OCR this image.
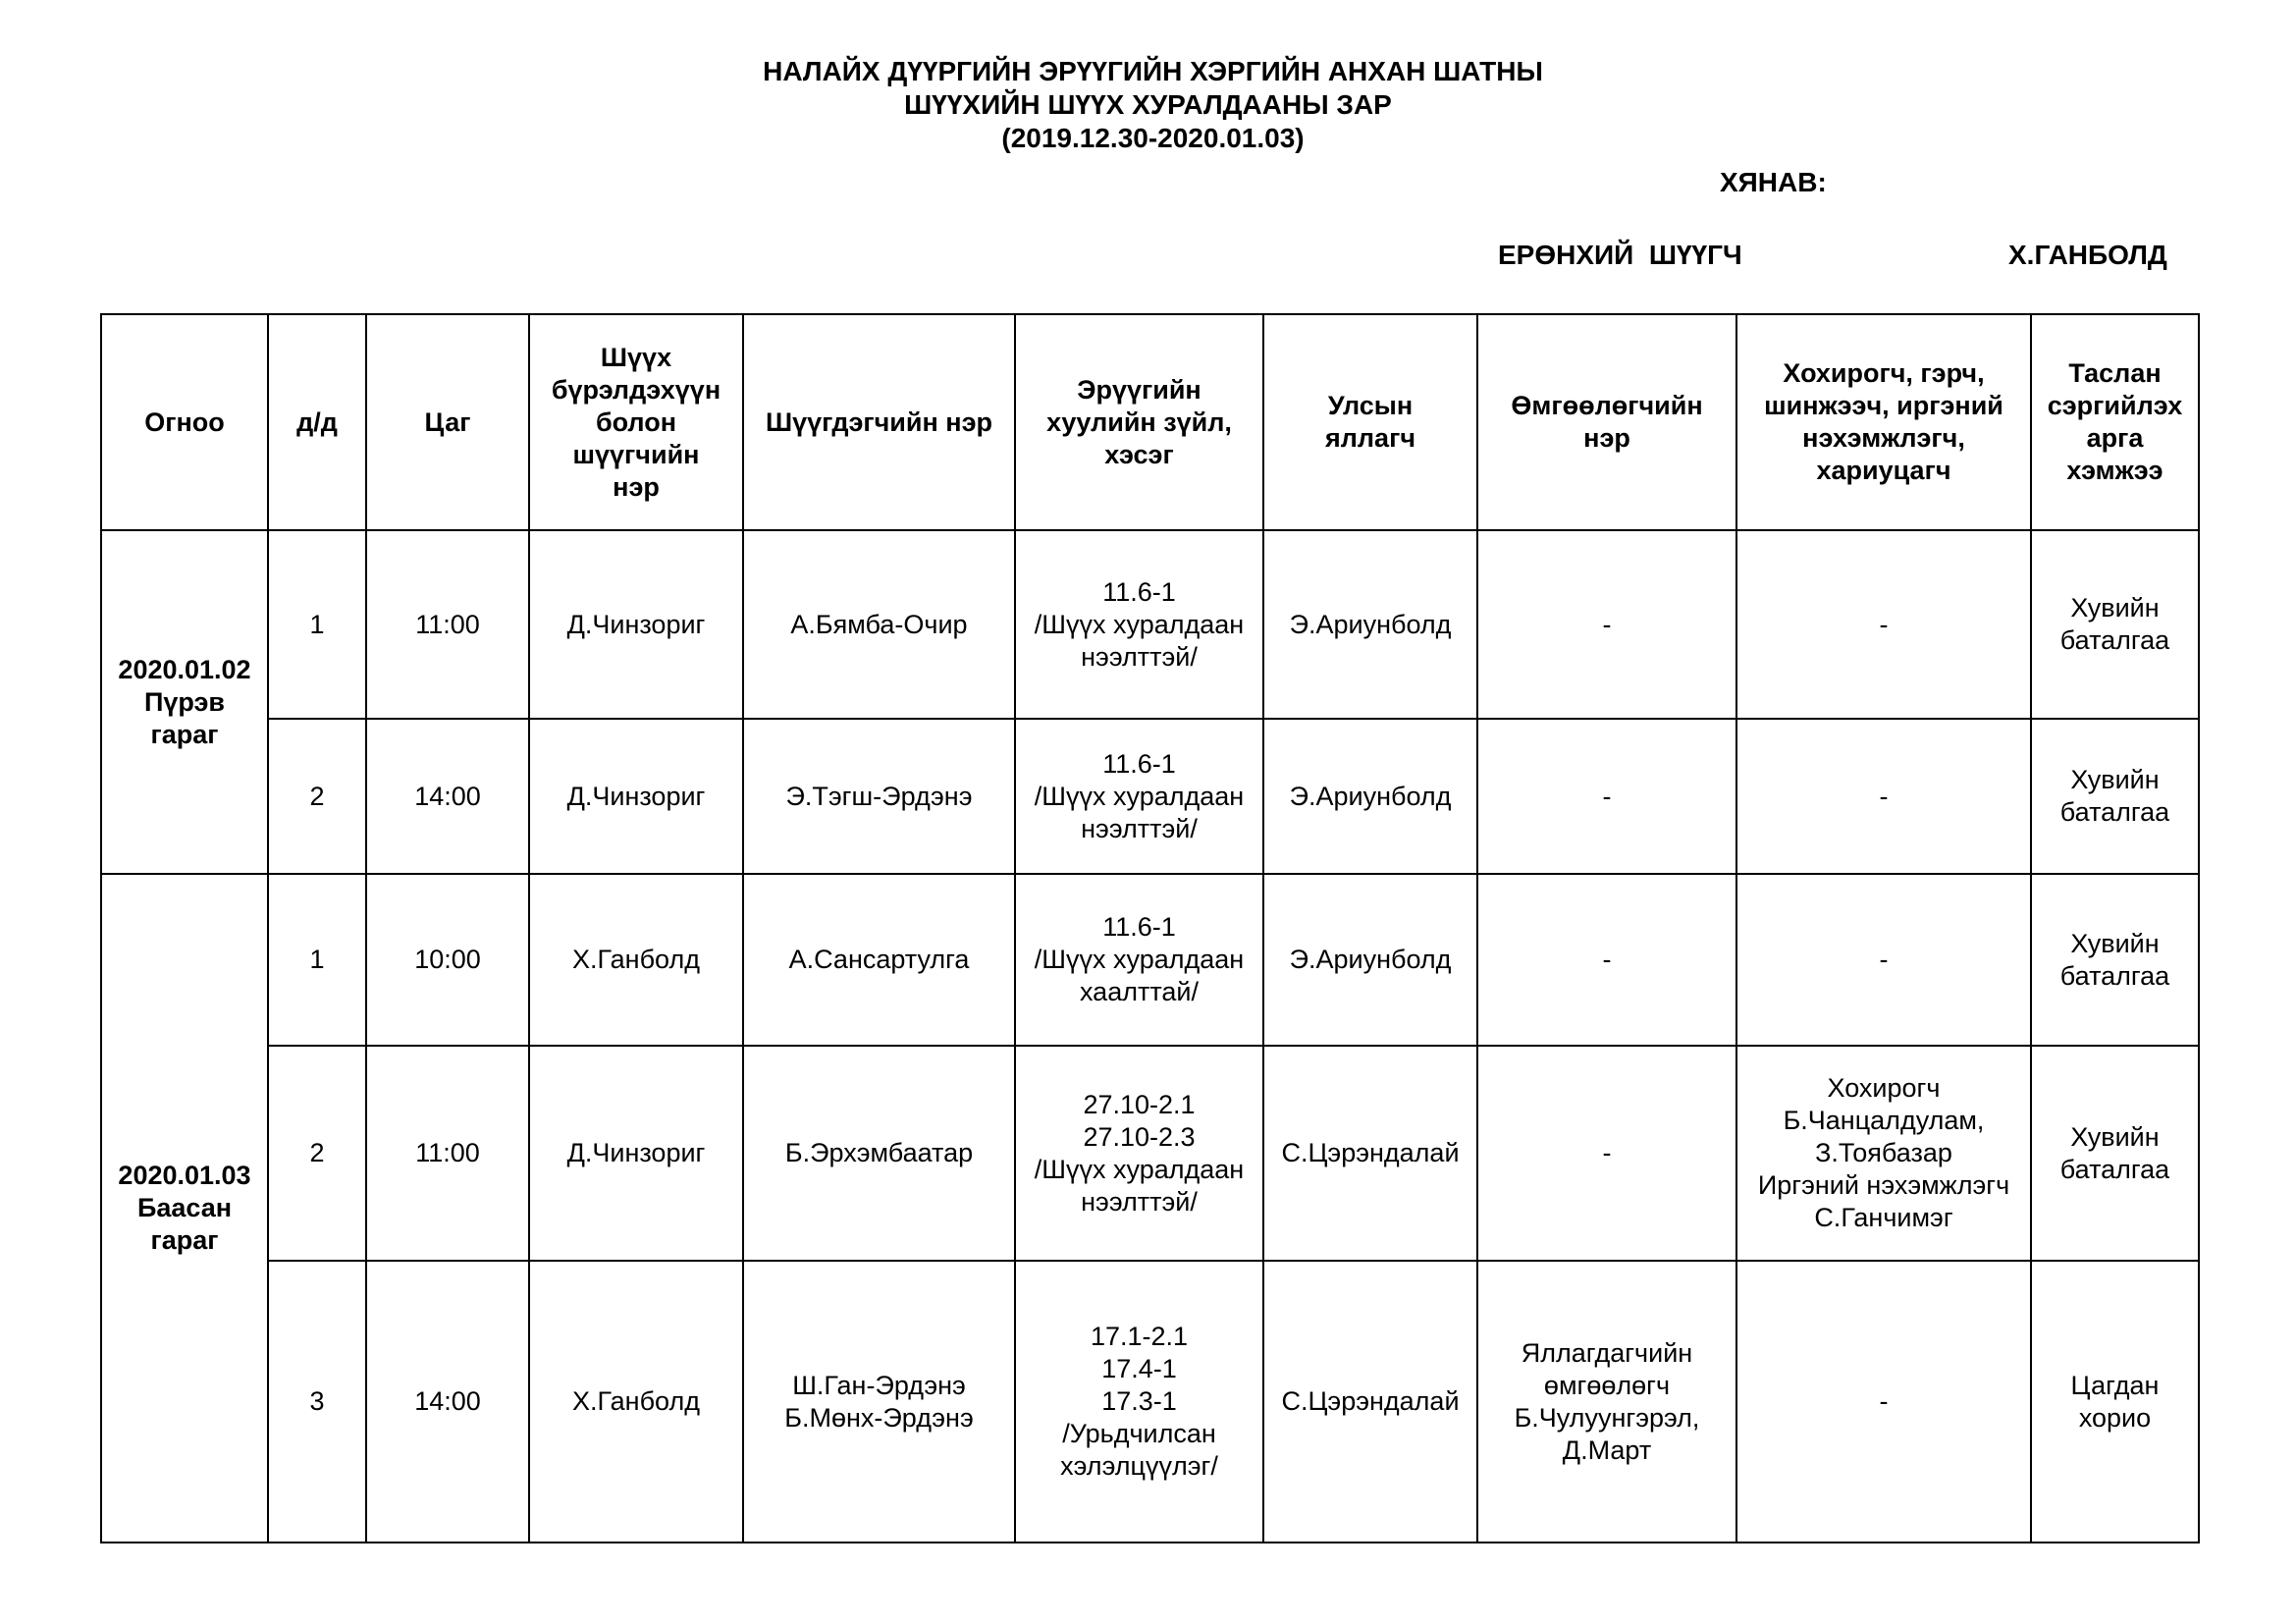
НАЛАЙХ ДҮҮРГИЙН ЭРҮҮГИЙН ХЭРГИЙН АНХАН ШАТНЫ
ШҮҮХИЙН ШҮҮХ ХУРАЛДААНЫ ЗАР
(2019.12.30-2020.01.03)
ХЯНАВ:
ЕРӨНХИЙ  ШҮҮГЧ	Х.ГАНБОЛД
Огноо	д/д	Цаг	Шүүх
бүрэлдэхүүн
болон
шүүгчийн
нэр	Шүүгдэгчийн нэр	Эрүүгийн
хуулийн зүйл,
хэсэг	Улсын
яллагч	Өмгөөлөгчийн
нэр	Хохирогч, гэрч,
шинжээч, иргэний
нэхэмжлэгч,
хариуцагч	Таслан
сэргийлэх
арга
хэмжээ
2020.01.02
Пүрэв
гараг	1	11:00	Д.Чинзориг	А.Бямба-Очир	11.6-1
/Шүүх хуралдаан
нээлттэй/	Э.Ариунболд	-	-	Хувийн
баталгаа
	2	14:00	Д.Чинзориг	Э.Тэгш-Эрдэнэ	11.6-1
/Шүүх хуралдаан
нээлттэй/	Э.Ариунболд	-	-	Хувийн
баталгаа
2020.01.03
Баасан
гараг	1	10:00	Х.Ганболд	А.Сансартулга	11.6-1
/Шүүх хуралдаан
хаалттай/	Э.Ариунболд	-	-	Хувийн
баталгаа
	2	11:00	Д.Чинзориг	Б.Эрхэмбаатар	27.10-2.1
27.10-2.3
/Шүүх хуралдаан
нээлттэй/	С.Цэрэндалай	-	Хохирогч
Б.Чанцалдулам,
З.Тоябазар
Иргэний нэхэмжлэгч
С.Ганчимэг	Хувийн
баталгаа
	3	14:00	Х.Ганболд	Ш.Ган-Эрдэнэ
Б.Мөнх-Эрдэнэ	17.1-2.1
17.4-1
17.3-1
/Урьдчилсан
хэлэлцүүлэг/	С.Цэрэндалай	Яллагдагчийн
өмгөөлөгч
Б.Чулуунгэрэл,
Д.Март	-	Цагдан
хорио
